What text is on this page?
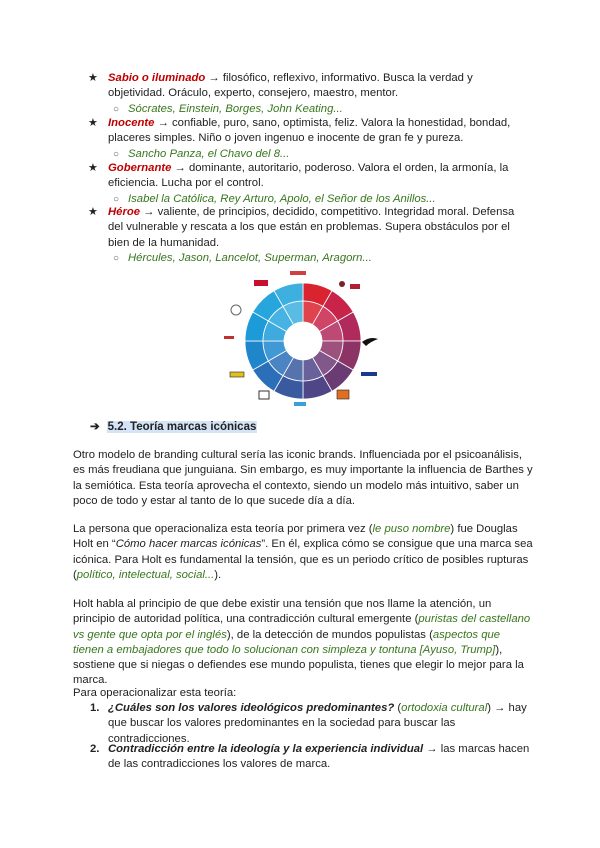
★ Sabio o iluminado → filosófico, reflexivo, informativo. Busca la verdad y objetividad. Oráculo, experto, consejero, maestro, mentor.
○ Sócrates, Einstein, Borges, John Keating...
★ Inocente → confiable, puro, sano, optimista, feliz. Valora la honestidad, bondad, placeres simples. Niño o joven ingenuo e inocente de gran fe y pureza.
○ Sancho Panza, el Chavo del 8...
★ Gobernante → dominante, autoritario, poderoso. Valora el orden, la armonía, la eficiencia. Lucha por el control.
○ Isabel la Católica, Rey Arturo, Apolo, el Señor de los Anillos...
★ Héroe → valiente, de principios, decidido, competitivo. Integridad moral. Defensa del vulnerable y rescata a los que están en problemas. Supera obstáculos por el bien de la humanidad.
○ Hércules, Jason, Lancelot, Superman, Aragorn...
➔ 5.2. Teoría marcas icónicas
Otro modelo de branding cultural sería las iconic brands. Influenciada por el psicoanálisis, es más freudiana que junguiana. Sin embargo, es muy importante la influencia de Barthes y la semiótica. Esta teoría aprovecha el contexto, siendo un modelo más intuitivo, saber un poco de todo y estar al tanto de lo que sucede día a día.
La persona que operacionaliza esta teoría por primera vez (le puso nombre) fue Douglas Holt en “Cómo hacer marcas icónicas”. En él, explica cómo se consigue que una marca sea icónica. Para Holt es fundamental la tensión, que es un periodo crítico de posibles rupturas (político, intelectual, social...).
Holt habla al principio de que debe existir una tensión que nos llame la atención, un principio de autoridad política, una contradicción cultural emergente (puristas del castellano vs gente que opta por el inglés), de la detección de mundos populistas (aspectos que tienen a embajadores que todo lo solucionan con simpleza y tontuna [Ayuso, Trump]), sostiene que si niegas o defiendes ese mundo populista, tienes que elegir lo mejor para la marca.
Para operacionalizar esta teoría:
1. ¿Cuáles son los valores ideológicos predominantes? (ortodoxia cultural) → hay que buscar los valores predominantes en la sociedad para buscar las contradicciones.
2. Contradicción entre la ideología y la experiencia individual → las marcas hacen de las contradicciones los valores de marca.
